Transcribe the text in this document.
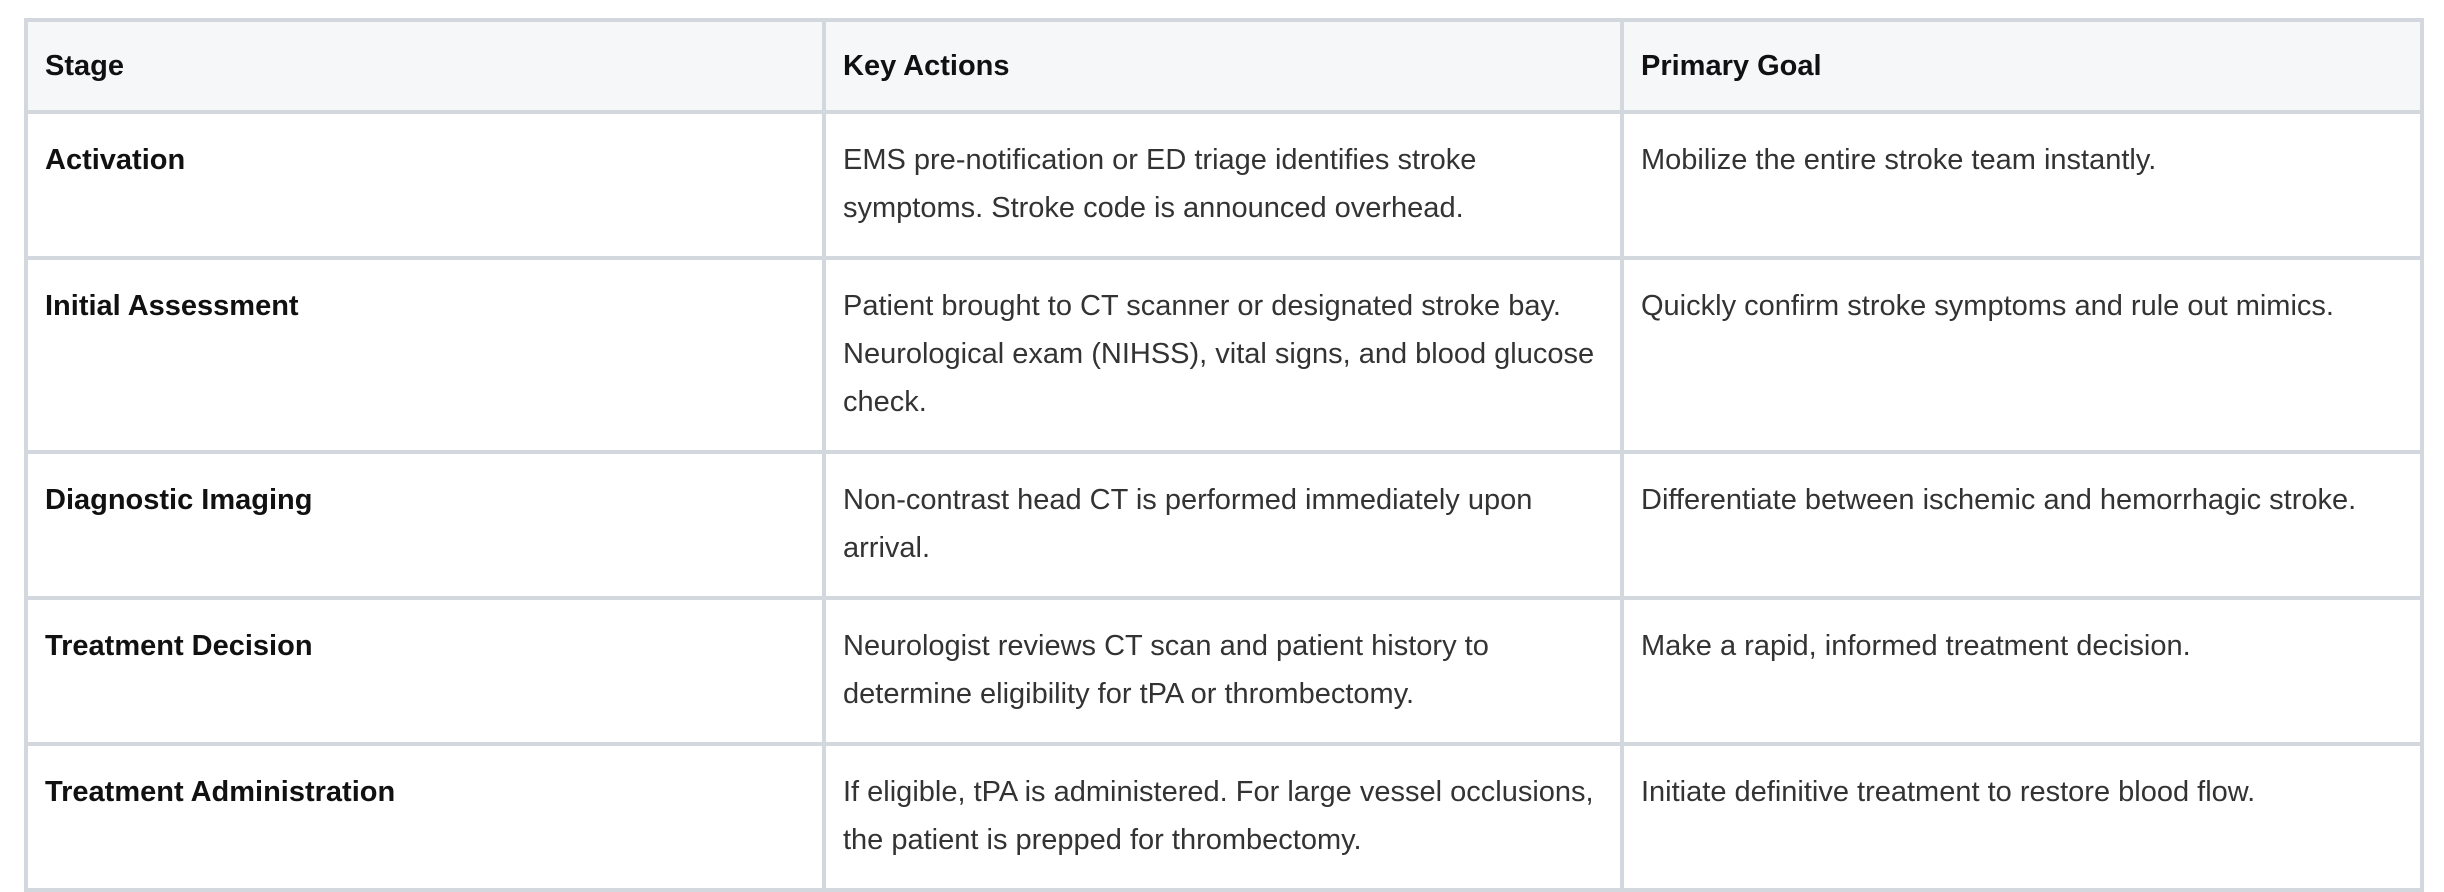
Stage	Key Actions	Primary Goal
Activation	EMS pre-notification or ED triage identifies stroke symptoms. Stroke code is announced overhead.	Mobilize the entire stroke team instantly.
Initial Assessment	Patient brought to CT scanner or designated stroke bay. Neurological exam (NIHSS), vital signs, and blood glucose check.	Quickly confirm stroke symptoms and rule out mimics.
Diagnostic Imaging	Non-contrast head CT is performed immediately upon arrival.	Differentiate between ischemic and hemorrhagic stroke.
Treatment Decision	Neurologist reviews CT scan and patient history to determine eligibility for tPA or thrombectomy.	Make a rapid, informed treatment decision.
Treatment Administration	If eligible, tPA is administered. For large vessel occlusions, the patient is prepped for thrombectomy.	Initiate definitive treatment to restore blood flow.
